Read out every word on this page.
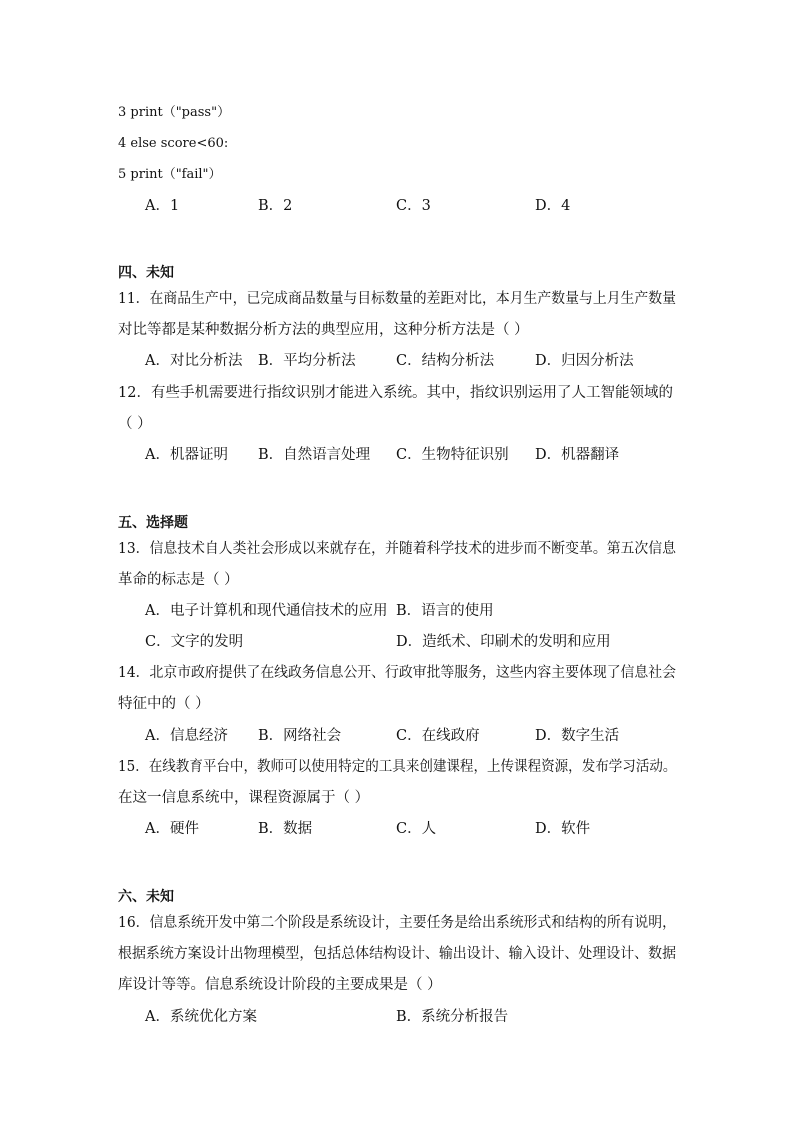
3 print（"pass"）
4 else score<60:
5 print（"fail"）
A．1	B．2	C．3	D．4
四、未知
11．在商品生产中，已完成商品数量与目标数量的差距对比，本月生产数量与上月生产数量
对比等都是某种数据分析方法的典型应用，这种分析方法是（ ）
A．对比分析法 B．平均分析法	C．结构分析法	D．归因分析法
12．有些手机需要进行指纹识别才能进入系统。其中，指纹识别运用了人工智能领域的
（ ）
A．机器证明 B．自然语言处理 C．生物特征识别 D．机器翻译
五、选择题
13．信息技术自人类社会形成以来就存在，并随着科学技术的进步而不断变革。第五次信息
革命的标志是（ ）
A．电子计算机和现代通信技术的应用 B．语言的使用
C．文字的发明	D．造纸术、印刷术的发明和应用
14．北京市政府提供了在线政务信息公开、行政审批等服务，这些内容主要体现了信息社会
特征中的（ ）
A．信息经济 B．网络社会	C．在线政府	D．数字生活
15．在线教育平台中，教师可以使用特定的工具来创建课程，上传课程资源，发布学习活动。
在这一信息系统中，课程资源属于（ ）
A．硬件	B．数据	C．人	D．软件
六、未知
16．信息系统开发中第二个阶段是系统设计，主要任务是给出系统形式和结构的所有说明，
根据系统方案设计出物理模型，包括总体结构设计、输出设计、输入设计、处理设计、数据
库设计等等。信息系统设计阶段的主要成果是（ ）
A．系统优化方案	B．系统分析报告
